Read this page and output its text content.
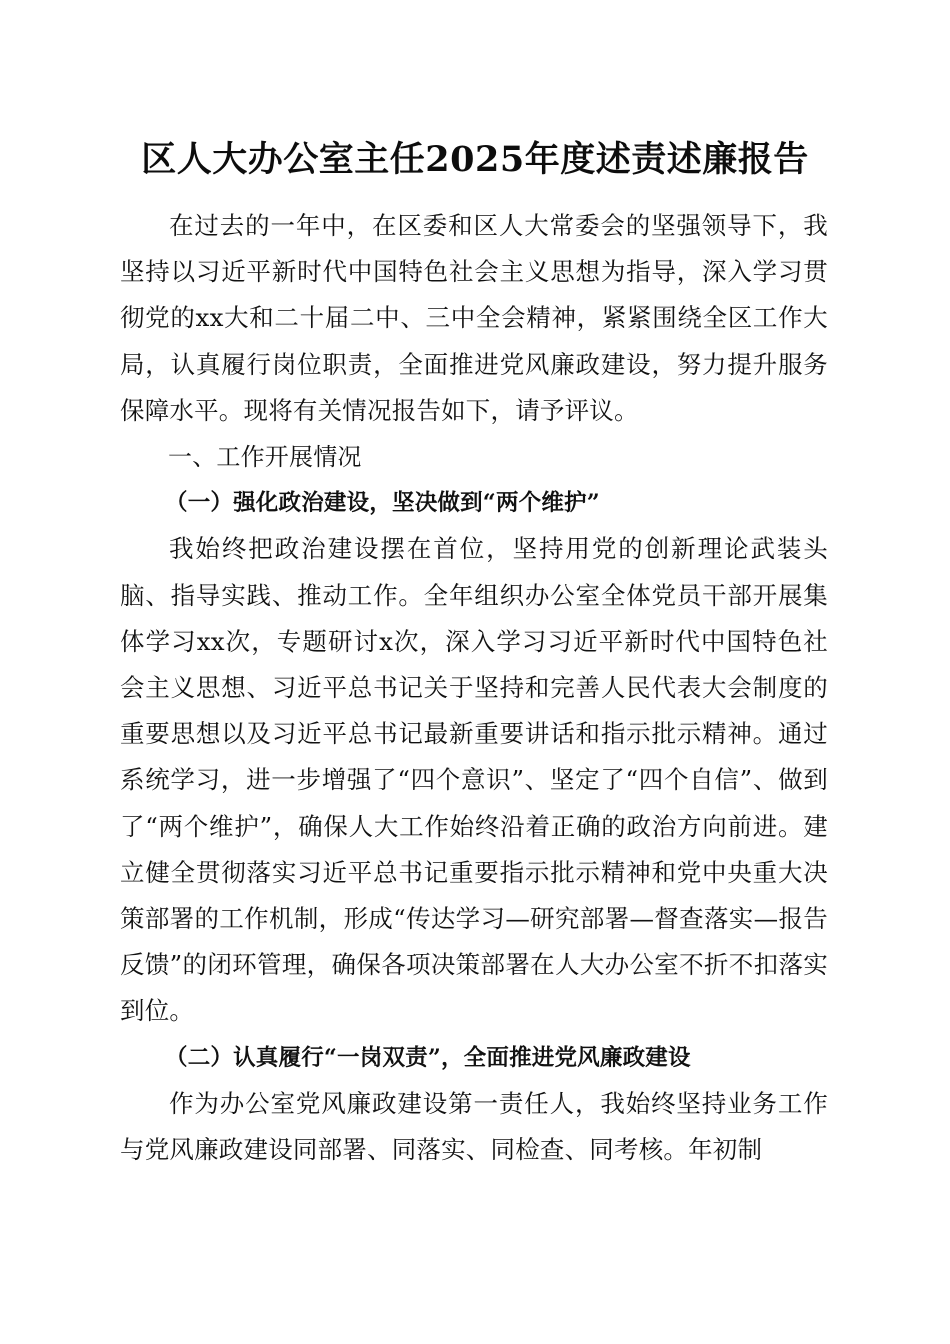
区人大办公室主任2025年度述责述廉报告

在过去的一年中，在区委和区人大常委会的坚强领导下，我坚持以习近平新时代中国特色社会主义思想为指导，深入学习贯彻党的xx大和二十届二中、三中全会精神，紧紧围绕全区工作大局，认真履行岗位职责，全面推进党风廉政建设，努力提升服务保障水平。现将有关情况报告如下，请予评议。

一、工作开展情况
（一）强化政治建设，坚决做到“两个维护”

我始终把政治建设摆在首位，坚持用党的创新理论武装头脑、指导实践、推动工作。全年组织办公室全体党员干部开展集体学习xx次，专题研讨x次，深入学习习近平新时代中国特色社会主义思想、习近平总书记关于坚持和完善人民代表大会制度的重要思想以及习近平总书记最新重要讲话和指示批示精神。通过系统学习，进一步增强了“四个意识”、坚定了“四个自信”、做到了“两个维护”，确保人大工作始终沿着正确的政治方向前进。建立健全贯彻落实习近平总书记重要指示批示精神和党中央重大决策部署的工作机制，形成“传达学习—研究部署—督查落实—报告反馈”的闭环管理，确保各项决策部署在人大办公室不折不扣落实到位。

（二）认真履行“一岗双责”，全面推进党风廉政建设

作为办公室党风廉政建设第一责任人，我始终坚持业务工作与党风廉政建设同部署、同落实、同检查、同考核。年初制
